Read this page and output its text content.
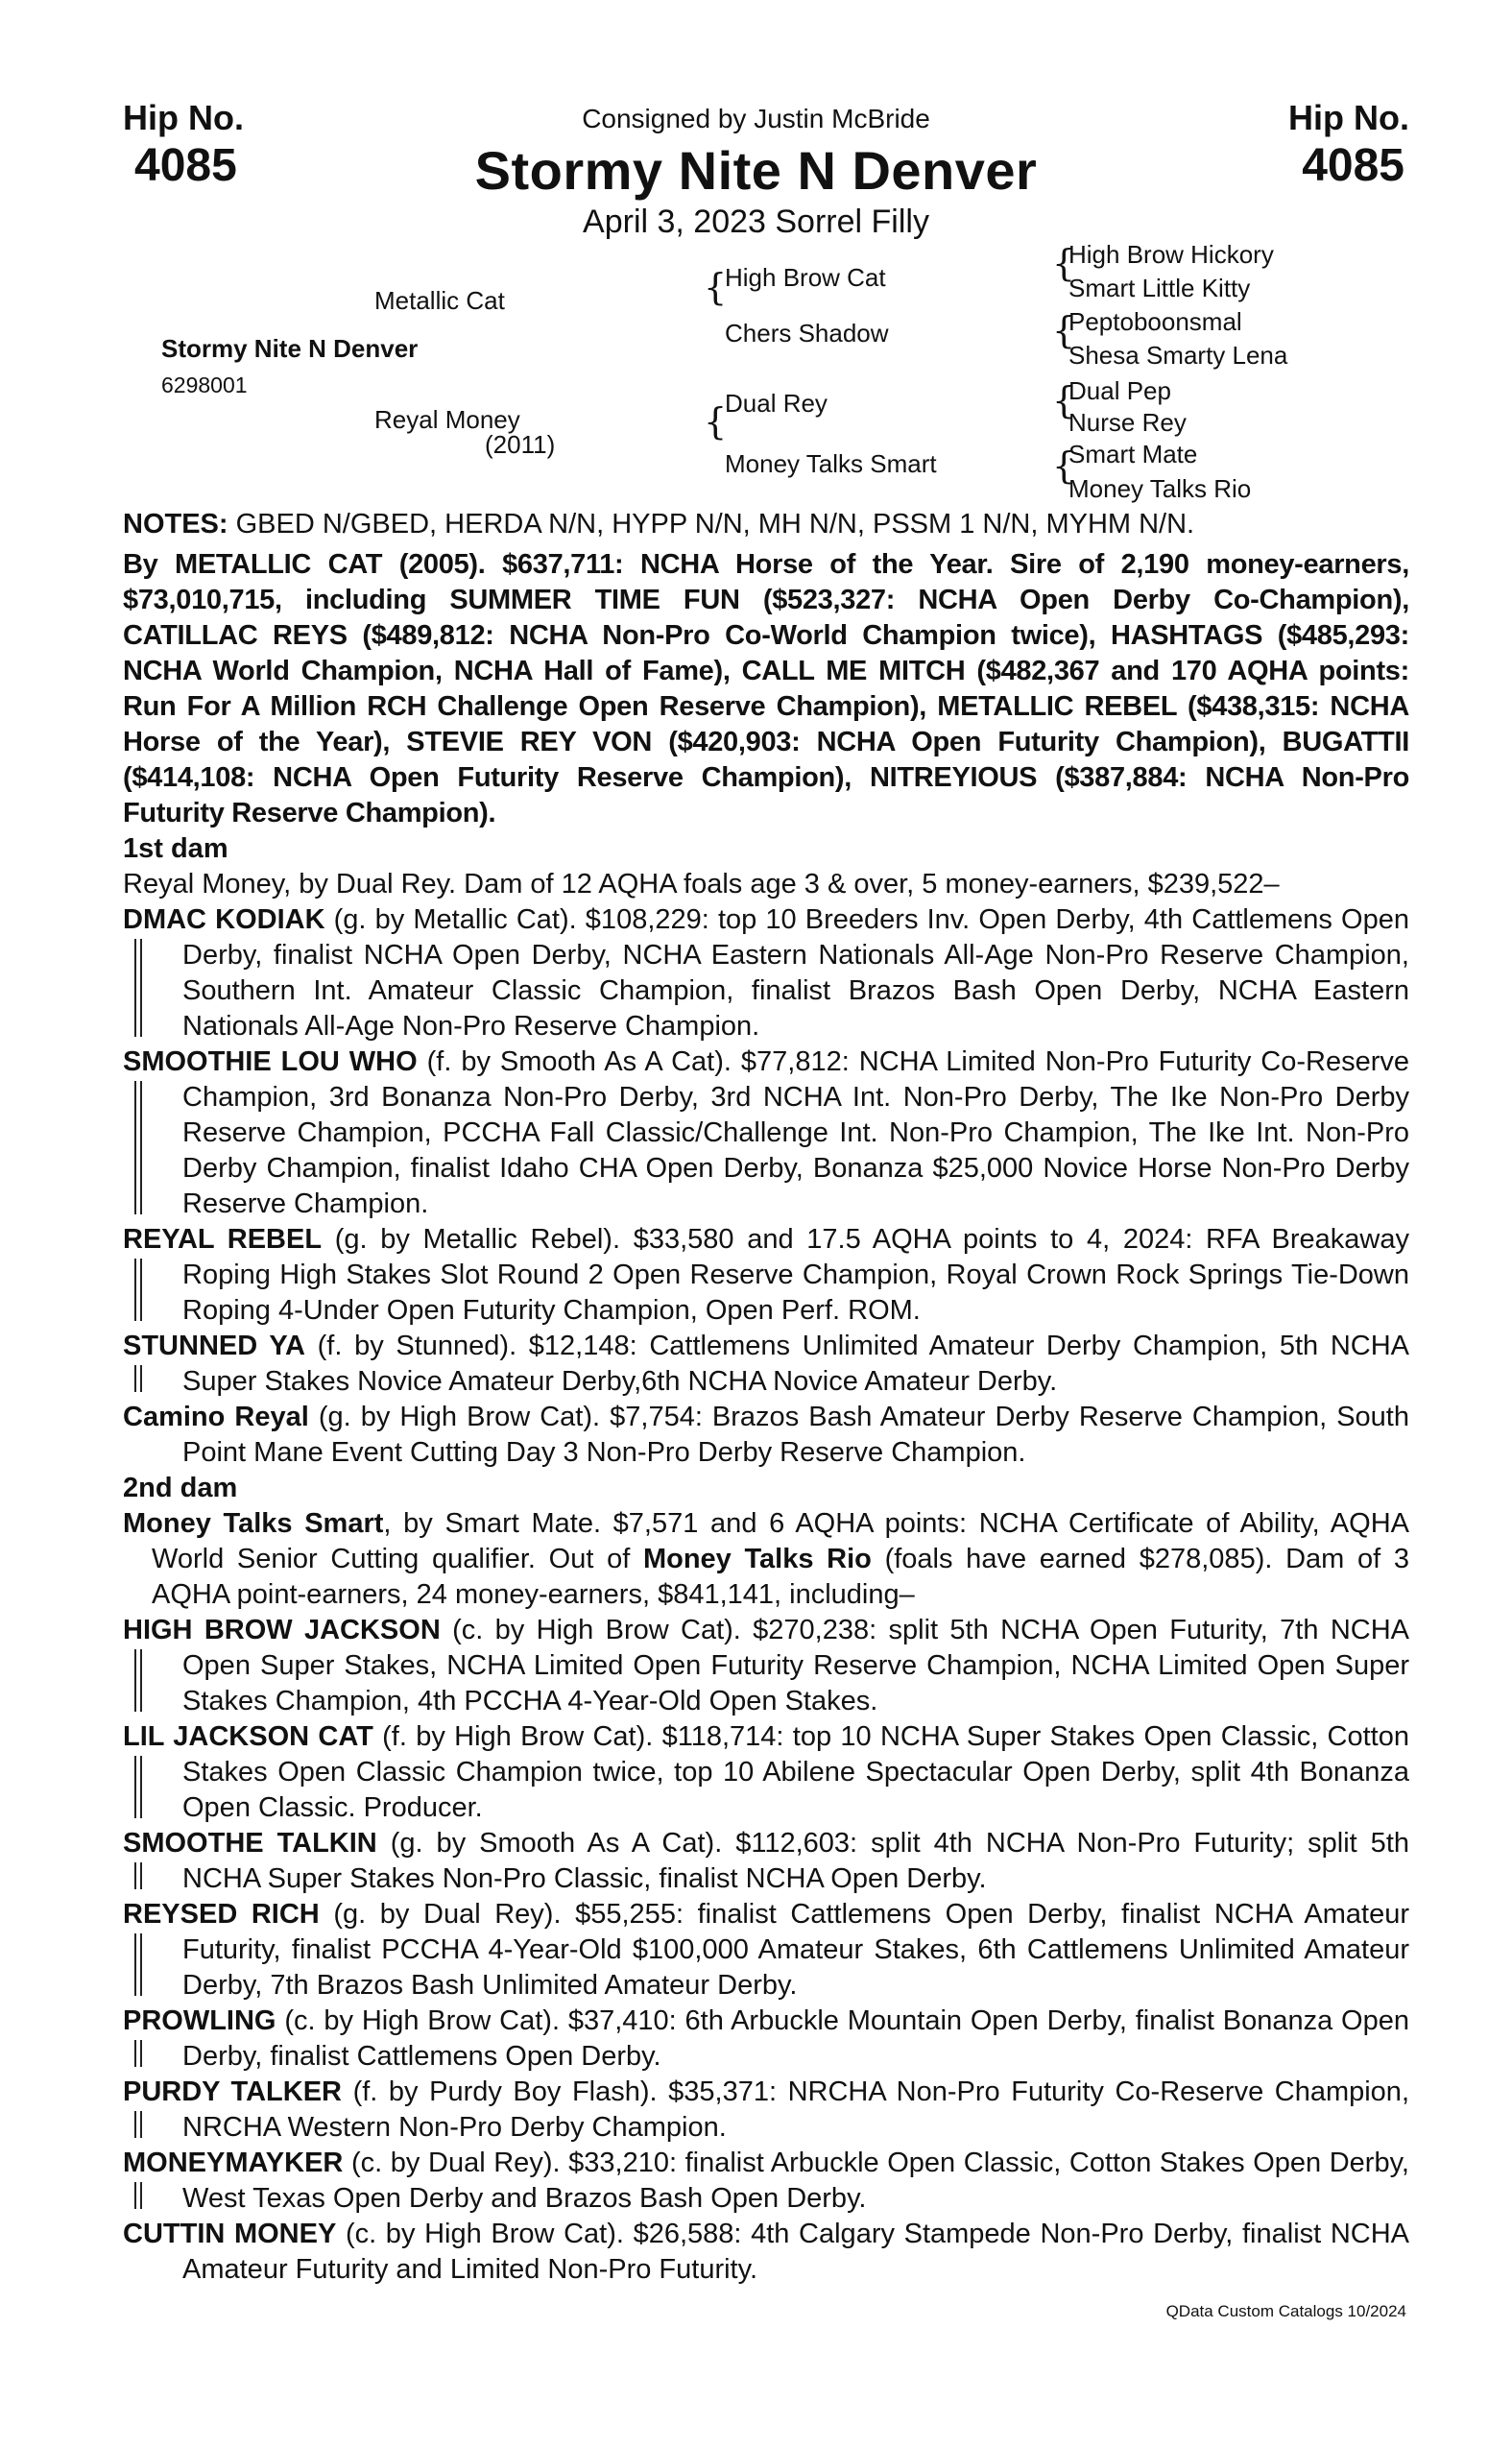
Hip No.
4085
Hip No.
4085
Consigned by Justin McBride
Stormy Nite N Denver
April 3, 2023 Sorrel Filly
Metallic Cat
Stormy Nite N Denver
6298001
Reyal Money
(2011)
{
High Brow Cat
Chers Shadow
{
Dual Rey
Money Talks Smart
{
High Brow Hickory
Smart Little Kitty
{
Peptoboonsmal
Shesa Smarty Lena
{
Dual Pep
Nurse Rey
{
Smart Mate
Money Talks Rio
NOTES: GBED N/GBED, HERDA N/N, HYPP N/N, MH N/N, PSSM 1 N/N, MYHM N/N.

By METALLIC CAT (2005). $637,711: NCHA Horse of the Year. Sire of 2,190 money-earners, $73,010,715, including SUMMER TIME FUN ($523,327: NCHA Open Derby Co-Champion), CATILLAC REYS ($489,812: NCHA Non-Pro Co-World Champion twice), HASHTAGS ($485,293: NCHA World Champion, NCHA Hall of Fame), CALL ME MITCH ($482,367 and 170 AQHA points: Run For A Million RCH Challenge Open Reserve Champion), METALLIC REBEL ($438,315: NCHA Horse of the Year), STEVIE REY VON ($420,903: NCHA Open Futurity Champion), BUGATTII ($414,108: NCHA Open Futurity Reserve Champion), NITREYIOUS ($387,884: NCHA Non-Pro Futurity Reserve Champion).

1st dam

Reyal Money, by Dual Rey. Dam of 12 AQHA foals age 3 & over, 5 money-earners, $239,522–

DMAC KODIAK (g. by Metallic Cat). $108,229: top 10 Breeders Inv. Open Derby, 4th Cattlemens Open Derby, finalist NCHA Open Derby, NCHA Eastern Nationals All-Age Non-Pro Reserve Champion, Southern Int. Amateur Classic Champion, finalist Brazos Bash Open Derby, NCHA Eastern Nationals All-Age Non-Pro Reserve Champion.

SMOOTHIE LOU WHO (f. by Smooth As A Cat). $77,812: NCHA Limited Non-Pro Futurity Co-Reserve Champion, 3rd Bonanza Non-Pro Derby, 3rd NCHA Int. Non-Pro Derby, The Ike Non-Pro Derby Reserve Champion, PCCHA Fall Classic/Challenge Int. Non-Pro Champion, The Ike Int. Non-Pro Derby Champion, finalist Idaho CHA Open Derby, Bonanza $25,000 Novice Horse Non-Pro Derby Reserve Champion.

REYAL REBEL (g. by Metallic Rebel). $33,580 and 17.5 AQHA points to 4, 2024: RFA Breakaway Roping High Stakes Slot Round 2 Open Reserve Champion, Royal Crown Rock Springs Tie-Down Roping 4-Under Open Futurity Champion, Open Perf. ROM.

STUNNED YA (f. by Stunned). $12,148: Cattlemens Unlimited Amateur Derby Champion, 5th NCHA Super Stakes Novice Amateur Derby,6th NCHA Novice Amateur Derby.

Camino Reyal (g. by High Brow Cat). $7,754: Brazos Bash Amateur Derby Reserve Champion, South Point Mane Event Cutting Day 3 Non-Pro Derby Reserve Champion.

2nd dam

Money Talks Smart, by Smart Mate. $7,571 and 6 AQHA points: NCHA Certificate of Ability, AQHA World Senior Cutting qualifier. Out of Money Talks Rio (foals have earned $278,085). Dam of 3 AQHA point-earners, 24 money-earners, $841,141, including–

HIGH BROW JACKSON (c. by High Brow Cat). $270,238: split 5th NCHA Open Futurity, 7th NCHA Open Super Stakes, NCHA Limited Open Futurity Reserve Champion, NCHA Limited Open Super Stakes Champion, 4th PCCHA 4-Year-Old Open Stakes.

LIL JACKSON CAT (f. by High Brow Cat). $118,714: top 10 NCHA Super Stakes Open Classic, Cotton Stakes Open Classic Champion twice, top 10 Abilene Spectacular Open Derby, split 4th Bonanza Open Classic. Producer.

SMOOTHE TALKIN (g. by Smooth As A Cat). $112,603: split 4th NCHA Non-Pro Futurity; split 5th NCHA Super Stakes Non-Pro Classic, finalist NCHA Open Derby.

REYSED RICH (g. by Dual Rey). $55,255: finalist Cattlemens Open Derby, finalist NCHA Amateur Futurity, finalist PCCHA 4-Year-Old $100,000 Amateur Stakes, 6th Cattlemens Unlimited Amateur Derby, 7th Brazos Bash Unlimited Amateur Derby.

PROWLING (c. by High Brow Cat). $37,410: 6th Arbuckle Mountain Open Derby, finalist Bonanza Open Derby, finalist Cattlemens Open Derby.

PURDY TALKER (f. by Purdy Boy Flash). $35,371: NRCHA Non-Pro Futurity Co-Reserve Champion, NRCHA Western Non-Pro Derby Champion.

MONEYMAYKER (c. by Dual Rey). $33,210: finalist Arbuckle Open Classic, Cotton Stakes Open Derby, West Texas Open Derby and Brazos Bash Open Derby.

CUTTIN MONEY (c. by High Brow Cat). $26,588: 4th Calgary Stampede Non-Pro Derby, finalist NCHA Amateur Futurity and Limited Non-Pro Futurity.

QData Custom Catalogs 10/2024
